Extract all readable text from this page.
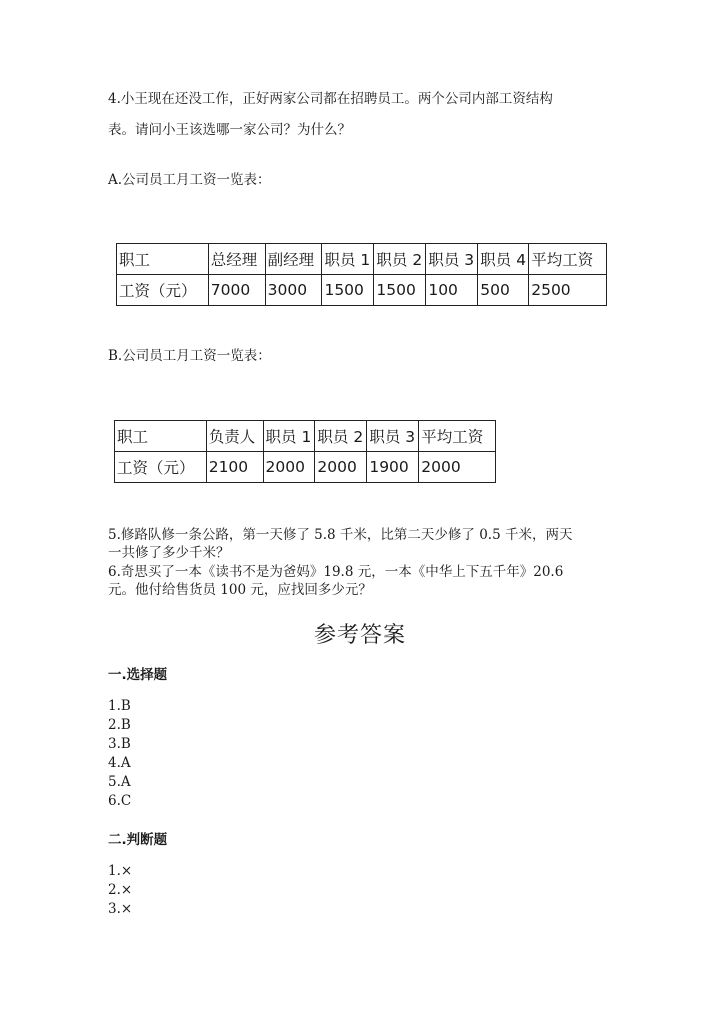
4.小王现在还没工作，正好两家公司都在招聘员工。两个公司内部工资结构
表。请问小王该选哪一家公司？为什么？
A.公司员工月工资一览表：
职工	总经理	副经理	职员 1	职员 2	职员 3	职员 4	平均工资
工资（元）	7000	3000	1500	1500	100	500	2500
B.公司员工月工资一览表：
职工	负责人	职员 1	职员 2	职员 3	平均工资
工资（元）	2100	2000	2000	1900	2000
5.修路队修一条公路，第一天修了 5.8 千米，比第二天少修了 0.5 千米，两天
一共修了多少千米？
6.奇思买了一本《读书不是为爸妈》19.8 元，一本《中华上下五千年》20.6
元。他付给售货员 100 元，应找回多少元？
参考答案
一.选择题
1.B
2.B
3.B
4.A
5.A
6.C
二.判断题
1.×
2.×
3.×
